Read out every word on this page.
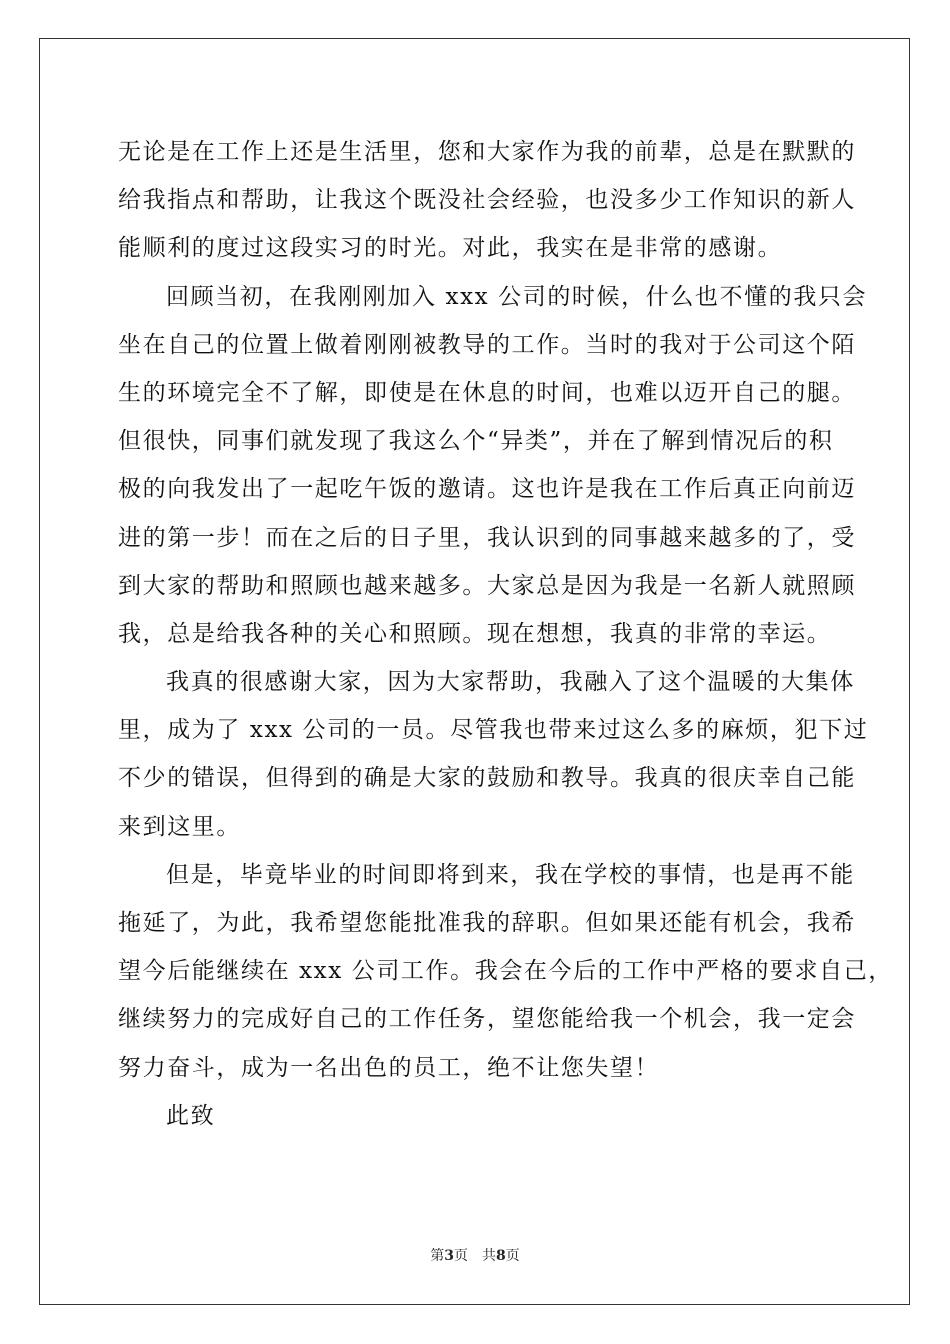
无论是在工作上还是生活里，您和大家作为我的前辈，总是在默默的
给我指点和帮助，让我这个既没社会经验，也没多少工作知识的新人
能顺利的度过这段实习的时光。对此，我实在是非常的感谢。
回顾当初，在我刚刚加入 xxx 公司的时候，什么也不懂的我只会
坐在自己的位置上做着刚刚被教导的工作。当时的我对于公司这个陌
生的环境完全不了解，即使是在休息的时间，也难以迈开自己的腿。
但很快，同事们就发现了我这么个“异类”，并在了解到情况后的积
极的向我发出了一起吃午饭的邀请。这也许是我在工作后真正向前迈
进的第一步！而在之后的日子里，我认识到的同事越来越多的了，受
到大家的帮助和照顾也越来越多。大家总是因为我是一名新人就照顾
我，总是给我各种的关心和照顾。现在想想，我真的非常的幸运。
我真的很感谢大家，因为大家帮助，我融入了这个温暖的大集体
里，成为了 xxx 公司的一员。尽管我也带来过这么多的麻烦，犯下过
不少的错误，但得到的确是大家的鼓励和教导。我真的很庆幸自己能
来到这里。
但是，毕竟毕业的时间即将到来，我在学校的事情，也是再不能
拖延了，为此，我希望您能批准我的辞职。但如果还能有机会，我希
望今后能继续在 xxx 公司工作。我会在今后的工作中严格的要求自己，
继续努力的完成好自己的工作任务，望您能给我一个机会，我一定会
努力奋斗，成为一名出色的员工，绝不让您失望！
此致
第3页 共8页
